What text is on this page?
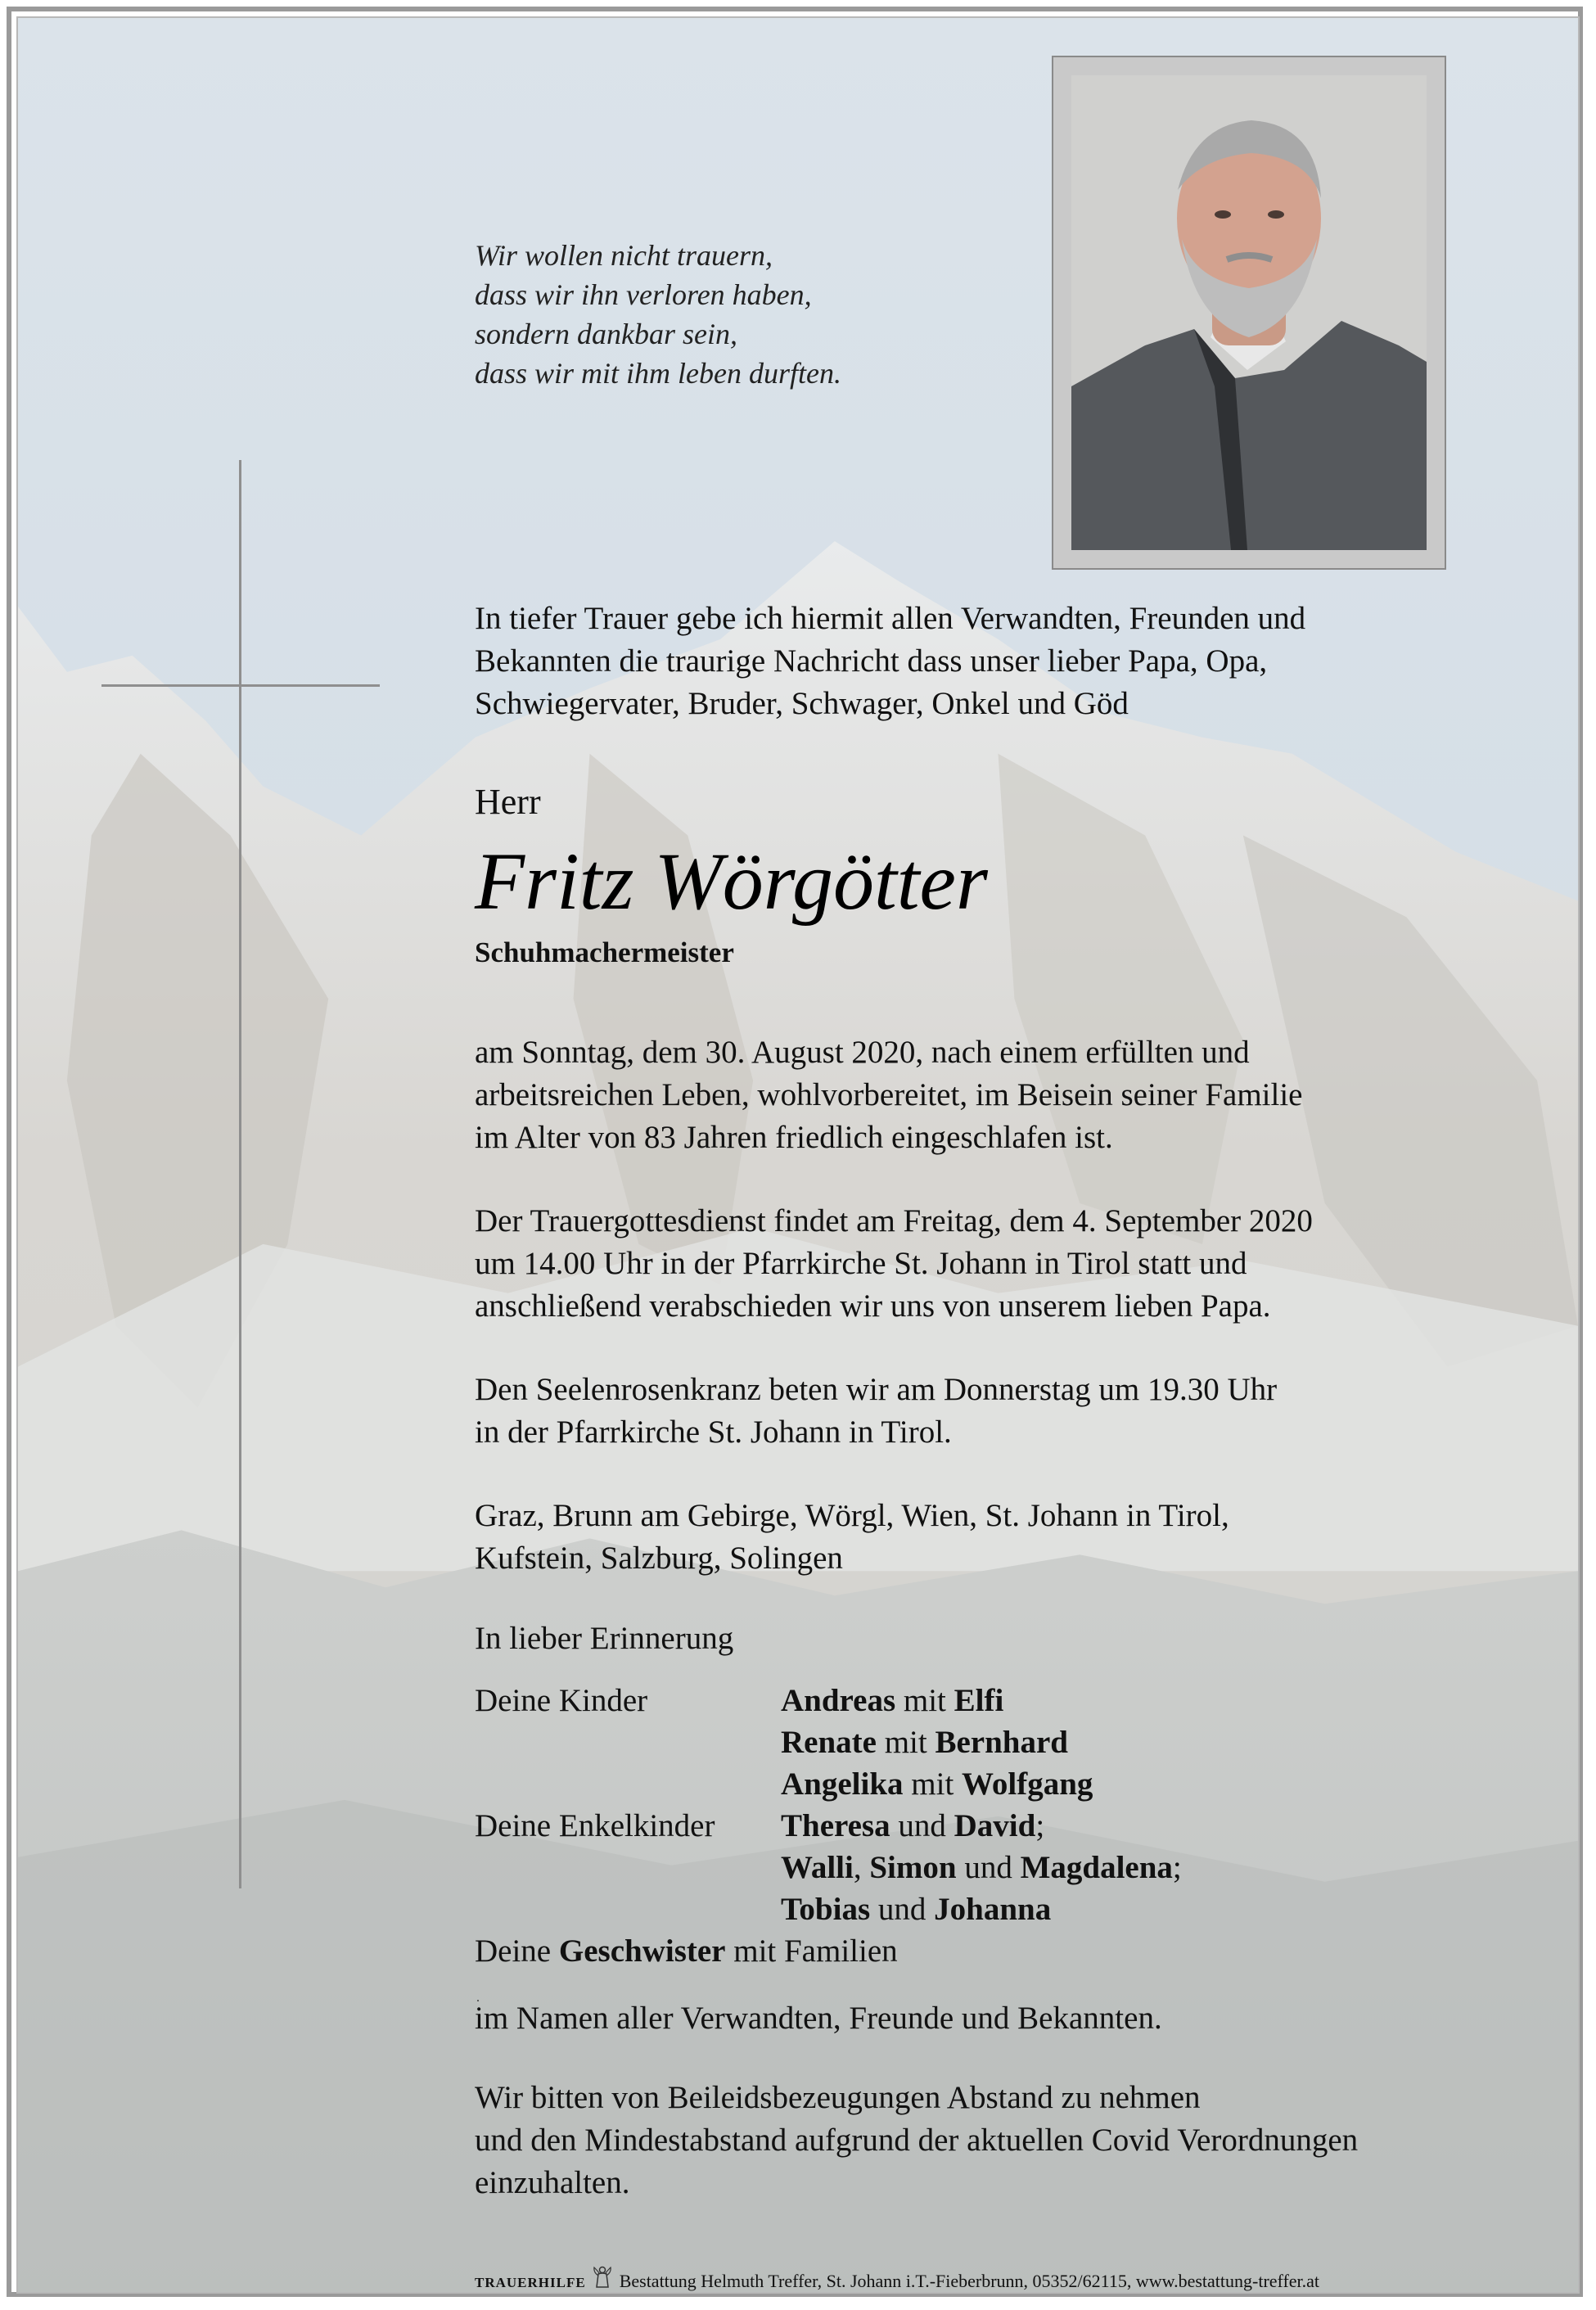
Wir wollen nicht trauern,
dass wir ihn verloren haben,
sondern dankbar sein,
dass wir mit ihm leben durften.
In tiefer Trauer gebe ich hiermit allen Verwandten, Freunden und
Bekannten die traurige Nachricht dass unser lieber Papa, Opa,
Schwiegervater, Bruder, Schwager, Onkel und Göd
Herr
Fritz Wörgötter
Schuhmachermeister
am Sonntag, dem 30. August 2020, nach einem erfüllten und
arbeitsreichen Leben, wohlvorbereitet, im Beisein seiner Familie
im Alter von 83 Jahren friedlich eingeschlafen ist.
Der Trauergottesdienst findet am Freitag, dem 4. September 2020
um 14.00 Uhr in der Pfarrkirche St. Johann in Tirol statt und
anschließend verabschieden wir uns von unserem lieben Papa.
Den Seelenrosenkranz beten wir am Donnerstag um 19.30 Uhr
in der Pfarrkirche St. Johann in Tirol.
Graz, Brunn am Gebirge, Wörgl, Wien, St. Johann in Tirol,
Kufstein, Salzburg, Solingen
In lieber Erinnerung
Deine Kinder	Andreas mit Elfi
Renate mit Bernhard
Angelika mit Wolfgang
Deine Enkelkinder Theresa und David;
Walli, Simon und Magdalena;
Tobias und Johanna
Deine Geschwister mit Familien
.
im Namen aller Verwandten, Freunde und Bekannten.
Wir bitten von Beileidsbezeugungen Abstand zu nehmen
und den Mindestabstand aufgrund der aktuellen Covid Verordnungen
einzuhalten.
TRAUERHILFE Bestattung Helmuth Treffer, St. Johann i.T.-Fieberbrunn, 05352/62115, www.bestattung-treffer.at
